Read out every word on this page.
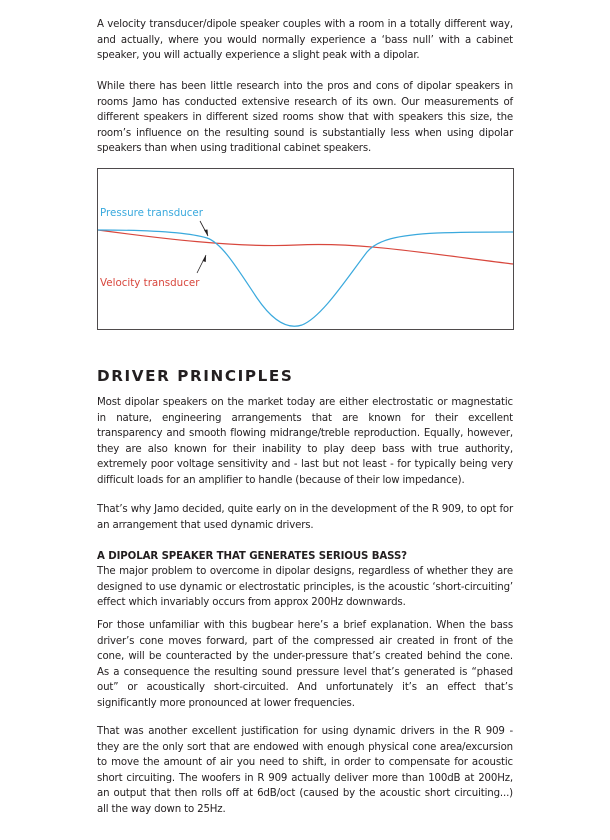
A velocity transducer/dipole speaker couples with a room in a totally different way, and actually, where you would normally experience a ‘bass null’ with a cabinet speaker, you will actually experience a slight peak with a dipolar.

While there has been little research into the pros and cons of dipolar speakers in rooms Jamo has conducted extensive research of its own. Our measurements of different speakers in different sized rooms show that with speakers this size, the room’s influence on the resulting sound is substantially less when using dipolar speakers than when using traditional cabinet speakers.

Pressure transducer
Velocity transducer
DRIVER PRINCIPLES

Most dipolar speakers on the market today are either electrostatic or magnestatic in nature, engineering arrangements that are known for their excellent transparency and smooth flowing midrange/treble reproduction. Equally, however, they are also known for their inability to play deep bass with true authority, extremely poor voltage sensitivity and - last but not least - for typically being very difficult loads for an amplifier to handle (because of their low impedance).

That’s why Jamo decided, quite early on in the development of the R 909, to opt for an arrangement that used dynamic drivers.

A DIPOLAR SPEAKER THAT GENERATES SERIOUS BASS?

The major problem to overcome in dipolar designs, regardless of whether they are designed to use dynamic or electrostatic principles, is the acoustic ‘short-circuiting’ effect which invariably occurs from approx 200Hz downwards.

For those unfamiliar with this bugbear here’s a brief explanation. When the bass driver’s cone moves forward, part of the compressed air created in front of the cone, will be counteracted by the under-pressure that’s created behind the cone. As a consequence the resulting sound pressure level that’s generated is “phased out” or acoustically short-circuited. And unfortunately it’s an effect that’s significantly more pronounced at lower frequencies.

That was another excellent justification for using dynamic drivers in the R 909 - they are the only sort that are endowed with enough physical cone area/excursion to move the amount of air you need to shift, in order to compensate for acoustic short circuiting. The woofers in R 909 actually deliver more than 100dB at 200Hz, an output that then rolls off at 6dB/oct (caused by the acoustic short circuiting...) all the way down to 25Hz.
